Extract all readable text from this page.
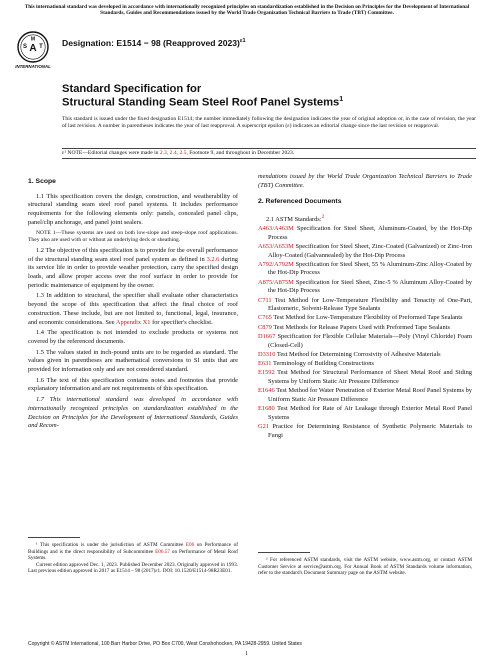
This international standard was developed in accordance with internationally recognized principles on standardization established in the Decision on Principles for the Development of International Standards, Guides and Recommendations issued by the World Trade Organization Technical Barriers to Trade (TBT) Committee.
A
S T
M
INTERNATIONAL
Designation: E1514 − 98 (Reapproved 2023)$^{\varepsilon 1}$
Standard Specification for
Structural Standing Seam Steel Roof Panel Systems$^1$
This standard is issued under the fixed designation E1514; the number immediately following the designation indicates the year of original adoption or, in the case of revision, the year of last revision. A number in parentheses indicates the year of last reapproval. A superscript epsilon (ε) indicates an editorial change since the last revision or reapproval.
ε¹ NOTE—Editorial changes were made in 2.3, 2.4, 2.5, Footnote 9, and throughout in December 2023.
1. Scope

1.1 This specification covers the design, construction, and weatherability of structural standing seam steel roof panel systems. It includes performance requirements for the following elements only: panels, concealed panel clips, panel/clip anchorage, and panel joint sealers.

NOTE 1—These systems are used on both low-slope and steep-slope roof applications. They also are used with or without an underlying deck or sheathing.

1.2 The objective of this specification is to provide for the overall performance of the structural standing seam steel roof panel system as defined in 3.2.6 during its service life in order to provide weather protection, carry the specified design loads, and allow proper access over the roof surface in order to provide for periodic maintenance of equipment by the owner.

1.3 In addition to structural, the specifier shall evaluate other characteristics beyond the scope of this specification that affect the final choice of roof construction. These include, but are not limited to, functional, legal, insurance, and economic considerations. See Appendix X1 for specifier's checklist.

1.4 The specification is not intended to exclude products or systems not covered by the referenced documents.

1.5 The values stated in inch-pound units are to be regarded as standard. The values given in parentheses are mathematical conversions to SI units that are provided for information only and are not considered standard.

1.6 The text of this specification contains notes and footnotes that provide explanatory information and are not requirements of this specification.

1.7 This international standard was developed in accordance with internationally recognized principles on standardization established in the Decision on Principles for the Development of International Standards, Guides and Recom-

mendations issued by the World Trade Organization Technical Barriers to Trade (TBT) Committee.

2. Referenced Documents

2.1 ASTM Standards:$^2$

A463/A463M Specification for Steel Sheet, Aluminum-Coated, by the Hot-Dip Process

A653/A653M Specification for Steel Sheet, Zinc-Coated (Galvanized) or Zinc-Iron Alloy-Coated (Galvannealed) by the Hot-Dip Process

A792/A792M Specification for Steel Sheet, 55 % Aluminum-Zinc Alloy-Coated by the Hot-Dip Process

A875/A875M Specification for Steel Sheet, Zinc-5 % Aluminum Alloy-Coated by the Hot-Dip Process

C711 Test Method for Low-Temperature Flexibility and Tenacity of One-Part, Elastomeric, Solvent-Release Type Sealants

C765 Test Method for Low-Temperature Flexibility of Preformed Tape Sealants

C879 Test Methods for Release Papers Used with Preformed Tape Sealants

D1667 Specification for Flexible Cellular Materials—Poly (Vinyl Chloride) Foam (Closed-Cell)

D3310 Test Method for Determining Corrosivity of Adhesive Materials

E631 Terminology of Building Constructions

E1592 Test Method for Structural Performance of Sheet Metal Roof and Siding Systems by Uniform Static Air Pressure Difference

E1646 Test Method for Water Penetration of Exterior Metal Roof Panel Systems by Uniform Static Air Pressure Difference

E1680 Test Method for Rate of Air Leakage through Exterior Metal Roof Panel Systems

G21 Practice for Determining Resistance of Synthetic Polymeric Materials to Fungi

¹ This specification is under the jurisdiction of ASTM Committee E06 on Performance of Buildings and is the direct responsibility of Subcommittee E06.57 on Performance of Metal Roof Systems.

Current edition approved Dec. 1, 2023. Published December 2023. Originally approved in 1993. Last previous edition approved in 2017 as E1514 – 98 (2017)ε1. DOI: 10.1520/E1514-98R23E01.

² For referenced ASTM standards, visit the ASTM website, www.astm.org, or contact ASTM Customer Service at service@astm.org. For Annual Book of ASTM Standards volume information, refer to the standard's Document Summary page on the ASTM website.

Copyright © ASTM International, 100 Barr Harbor Drive, PO Box C700, West Conshohocken, PA 19428-2959. United States
1
